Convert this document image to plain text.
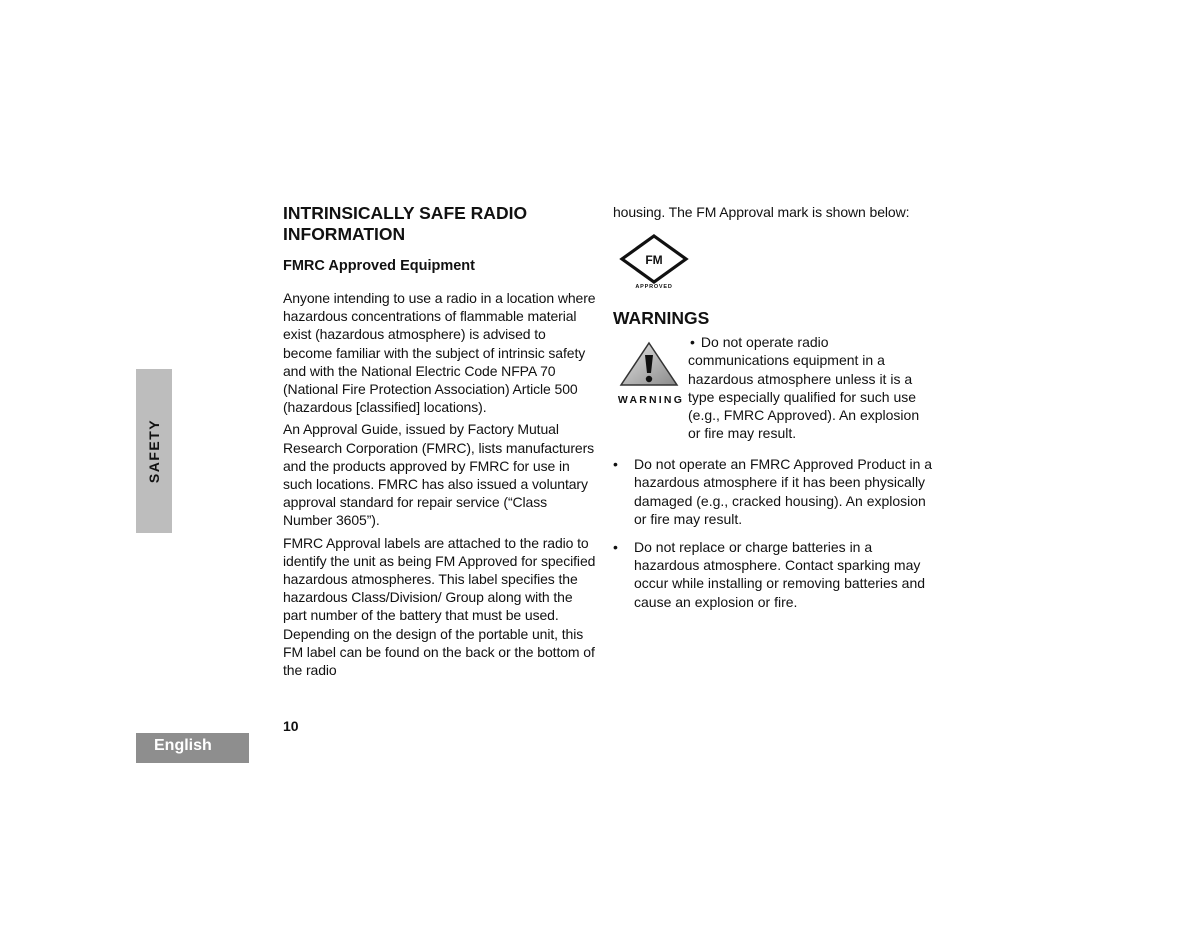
SAFETY
English
10
INTRINSICALLY SAFE RADIO INFORMATION
FMRC Approved Equipment

Anyone intending to use a radio in a location where hazardous concentrations of flammable material exist (hazardous atmosphere) is advised to become familiar with the subject of intrinsic safety and with the National Electric Code NFPA 70 (National Fire Protection Association) Article 500 (hazardous [classified] locations).

An Approval Guide, issued by Factory Mutual Research Corporation (FMRC), lists manufacturers and the products approved by FMRC for use in such locations. FMRC has also issued a voluntary approval standard for repair service (“Class Number 3605”).

FMRC Approval labels are attached to the radio to identify the unit as being FM Approved for specified hazardous atmospheres. This label specifies the hazardous Class/Division/ Group along with the part number of the battery that must be used. Depending on the design of the portable unit, this FM label can be found on the back or the bottom of the radio

housing. The FM Approval mark is shown below:

FM
APPROVED
WARNINGS
WARNING
• Do not operate radio communications equipment in a hazardous atmosphere unless it is a type especially qualified for such use (e.g., FMRC Approved). An explosion or fire may result.
• Do not operate an FMRC Approved Product in a hazardous atmosphere if it has been physically damaged (e.g., cracked housing). An explosion or fire may result.
• Do not replace or charge batteries in a hazardous atmosphere. Contact sparking may occur while installing or removing batteries and cause an explosion or fire.
